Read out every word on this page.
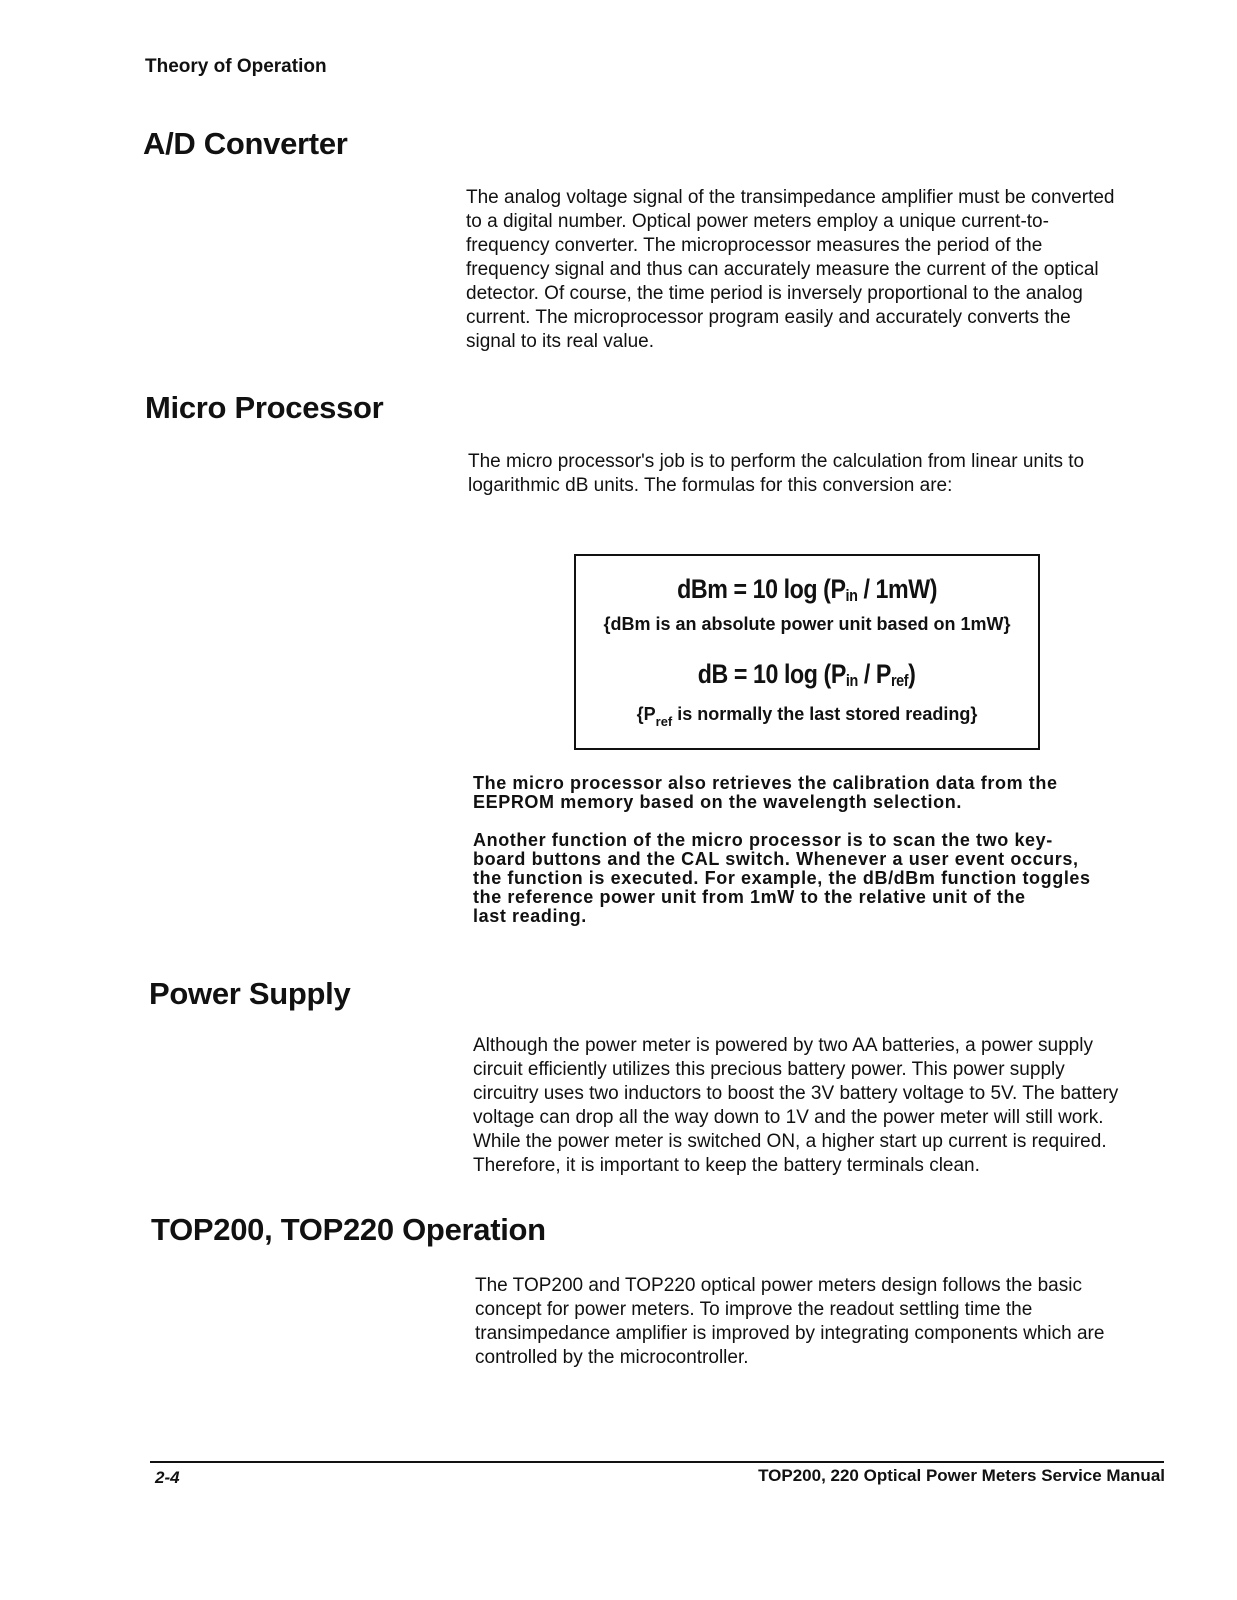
Theory of Operation
A/D Converter

The analog voltage signal of the transimpedance amplifier must be converted

to a digital number. Optical power meters employ a unique current-to-

frequency converter. The microprocessor measures the period of the

frequency signal and thus can accurately measure the current of the optical

detector. Of course, the time period is inversely proportional to the analog

current. The microprocessor program easily and accurately converts the

signal to its real value.

Micro Processor

The micro processor's job is to perform the calculation from linear units to

logarithmic dB units. The formulas for this conversion are:

dBm = 10 log (Pin / 1mW)
{dBm is an absolute power unit based on 1mW}
dB = 10 log (Pin / Pref)
{$P_{ref}$ is normally the last stored reading}

The micro processor also retrieves the calibration data from the
EEPROM memory based on the wavelength selection.

Another function of the micro processor is to scan the two key-
board buttons and the CAL switch. Whenever a user event occurs,
the function is executed. For example, the dB/dBm function toggles
the reference power unit from 1mW to the relative unit of the
last reading.
Power Supply

Although the power meter is powered by two AA batteries, a power supply

circuit efficiently utilizes this precious battery power. This power supply

circuitry uses two inductors to boost the 3V battery voltage to 5V. The battery

voltage can drop all the way down to 1V and the power meter will still work.

While the power meter is switched ON, a higher start up current is required.

Therefore, it is important to keep the battery terminals clean.

TOP200, TOP220 Operation

The TOP200 and TOP220 optical power meters design follows the basic

concept for power meters. To improve the readout settling time the

transimpedance amplifier is improved by integrating components which are

controlled by the microcontroller.

2-4	TOP200, 220 Optical Power Meters Service Manual
